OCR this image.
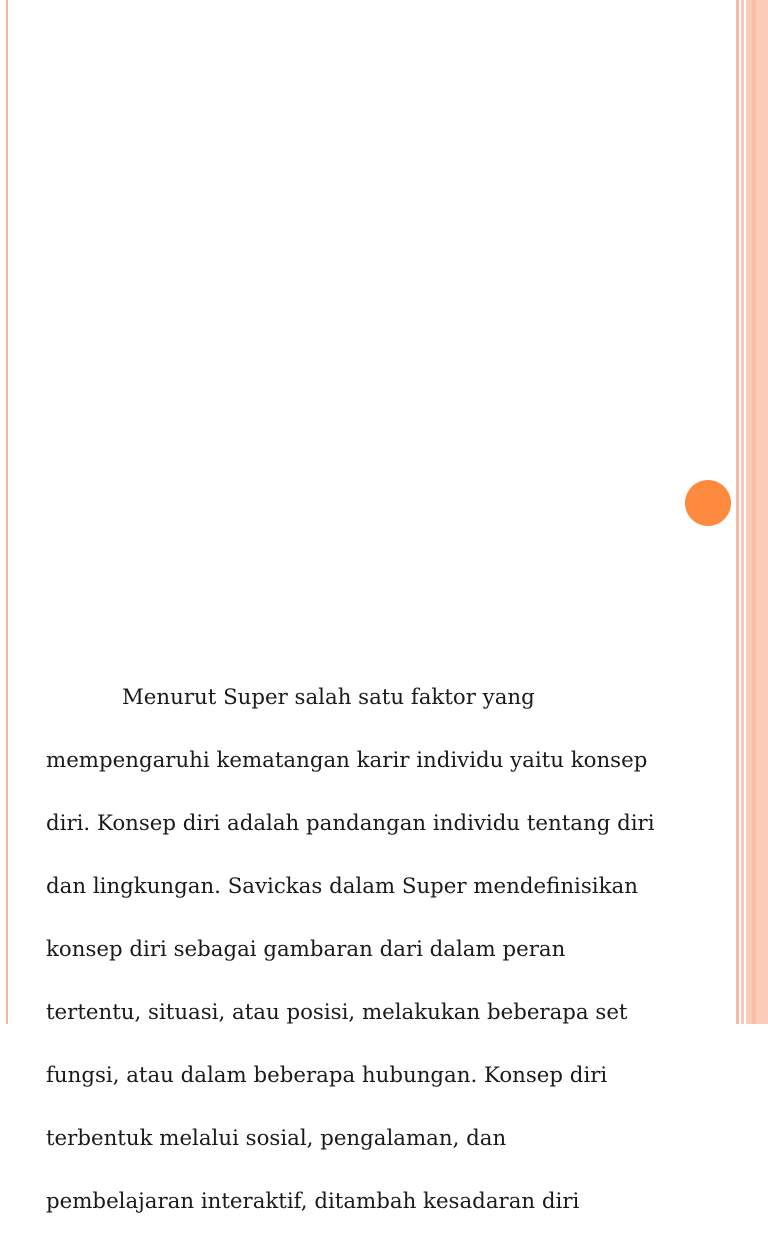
Menurut Super salah satu faktor yang

mempengaruhi kematangan karir individu yaitu konsep

diri. Konsep diri adalah pandangan individu tentang diri

dan lingkungan. Savickas dalam Super mendefinisikan

konsep diri sebagai gambaran dari dalam peran

tertentu, situasi, atau posisi, melakukan beberapa set

fungsi, atau dalam beberapa hubungan. Konsep diri

terbentuk melalui sosial, pengalaman, dan

pembelajaran interaktif, ditambah kesadaran diri
